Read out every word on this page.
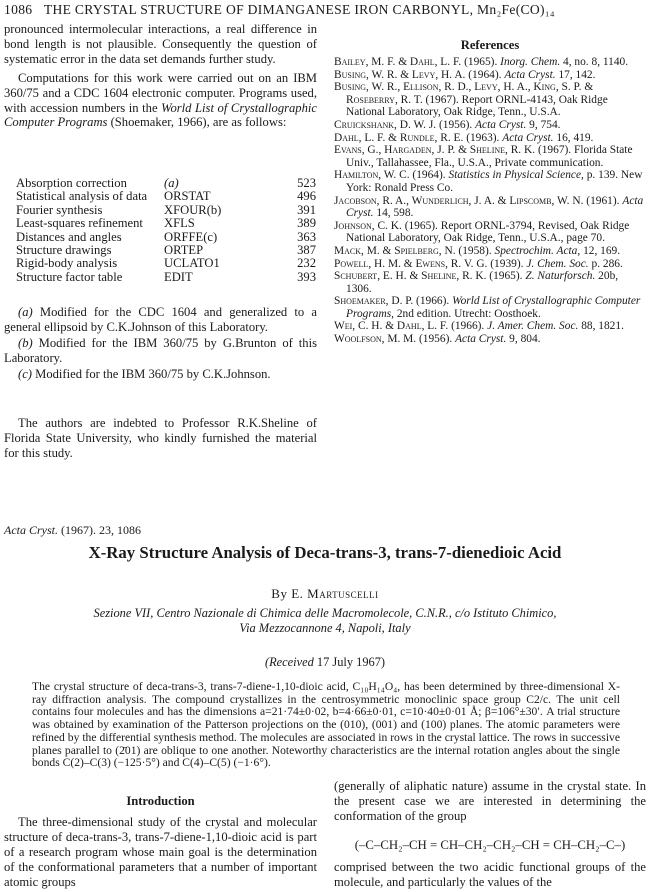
1086 THE CRYSTAL STRUCTURE OF DIMANGANESE IRON CARBONYL, Mn₂Fe(CO)₁₄

pronounced intermolecular interactions, a real difference in bond length is not plausible. Consequently the question of systematic error in the data set demands further study.

Computations for this work were carried out on an IBM 360/75 and a CDC 1604 electronic computer. Programs used, with accession numbers in the World List of Crystallographic Computer Programs (Shoemaker, 1966), are as follows:

Absorption correction	(a)	523
Statistical analysis of data	ORSTAT	496
Fourier synthesis	XFOUR(b)	391
Least-squares refinement	XFLS	389
Distances and angles	ORFFE(c)	363
Structure drawings	ORTEP	387
Rigid-body analysis	UCLATO1	232
Structure factor table	EDIT	393

(a) Modified for the CDC 1604 and generalized to a general ellipsoid by C.K.Johnson of this Laboratory.

(b) Modified for the IBM 360/75 by G.Brunton of this Laboratory.

(c) Modified for the IBM 360/75 by C.K.Johnson.

The authors are indebted to Professor R.K.Sheline of Florida State University, who kindly furnished the material for this study.

References

Bailey, M. F. & Dahl, L. F. (1965). Inorg. Chem. 4, no. 8, 1140.

Busing, W. R. & Levy, H. A. (1964). Acta Cryst. 17, 142.

Busing, W. R., Ellison, R. D., Levy, H. A., King, S. P. & Roseberry, R. T. (1967). Report ORNL-4143, Oak Ridge National Laboratory, Oak Ridge, Tenn., U.S.A.

Cruickshank, D. W. J. (1956). Acta Cryst. 9, 754.

Dahl, L. F. & Rundle, R. E. (1963). Acta Cryst. 16, 419.

Evans, G., Hargaden, J. P. & Sheline, R. K. (1967). Florida State Univ., Tallahassee, Fla., U.S.A., Private communication.

Hamilton, W. C. (1964). Statistics in Physical Science, p. 139. New York: Ronald Press Co.

Jacobson, R. A., Wunderlich, J. A. & Lipscomb, W. N. (1961). Acta Cryst. 14, 598.

Johnson, C. K. (1965). Report ORNL-3794, Revised, Oak Ridge National Laboratory, Oak Ridge, Tenn., U.S.A., page 70.

Mack, M. & Spielberg, N. (1958). Spectrochim. Acta, 12, 169.

Powell, H. M. & Ewens, R. V. G. (1939). J. Chem. Soc. p. 286.

Schubert, E. H. & Sheline, R. K. (1965). Z. Naturforsch. 20b, 1306.

Shoemaker, D. P. (1966). World List of Crystallographic Computer Programs, 2nd edition. Utrecht: Oosthoek.

Wei, C. H. & Dahl, L. F. (1966). J. Amer. Chem. Soc. 88, 1821.

Woolfson, M. M. (1956). Acta Cryst. 9, 804.

Acta Cryst. (1967). 23, 1086
X-Ray Structure Analysis of Deca-trans-3, trans-7-dienedioic Acid
By E. Martuscelli
Sezione VII, Centro Nazionale di Chimica delle Macromolecole, C.N.R., c/o Istituto Chimico,
Via Mezzocannone 4, Napoli, Italy
(Received 17 July 1967)
The crystal structure of deca-trans-3, trans-7-diene-1,10-dioic acid, C₁₀H₁₄O₄, has been determined by three-dimensional X-ray diffraction analysis. The compound crystallizes in the centrosymmetric monoclinic space group C2/c. The unit cell contains four molecules and has the dimensions a=21·74±0·02, b=4·66±0·01, c=10·40±0·01 Å; β=106°±30′. A trial structure was obtained by examination of the Patterson projections on the (010), (001) and (100) planes. The atomic parameters were refined by the differential synthesis method. The molecules are associated in rows in the crystal lattice. The rows in successive planes parallel to (2̄01) are oblique to one another. Noteworthy characteristics are the internal rotation angles about the single bonds C(2)–C(3) (−125·5°) and C(4)–C(5) (−1·6°).
Introduction
The three-dimensional study of the crystal and molecular structure of deca-trans-3, trans-7-diene-1,10-dioic acid is part of a research program whose main goal is the determination of the conformational parameters that a number of important atomic groups
(generally of aliphatic nature) assume in the crystal state. In the present case we are interested in determining the conformation of the group
(–C–CH₂–CH = CH–CH₂–CH₂–CH = CH–CH₂–C–)
comprised between the two acidic functional groups of the molecule, and particularly the values of the
